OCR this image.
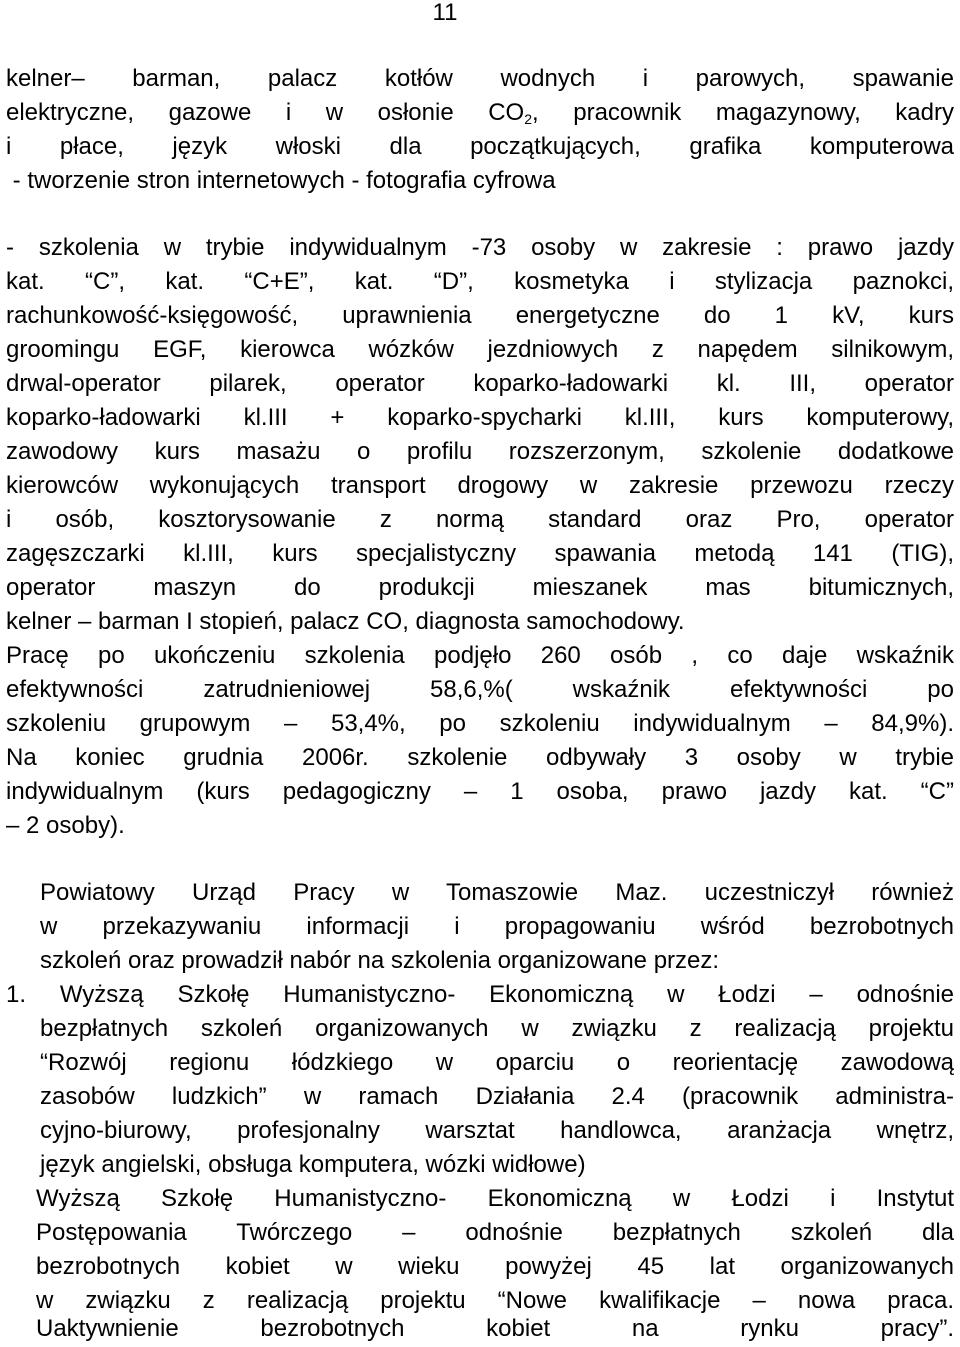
11
kelner– barman, palacz kotłów wodnych i parowych, spawanie
elektryczne, gazowe i w osłonie $CO_2$, pracownik magazynowy, kadry
i płace, język włoski dla początkujących, grafika komputerowa
- tworzenie stron internetowych - fotografia cyfrowa
- szkolenia w trybie indywidualnym -73 osoby w zakresie : prawo jazdy
kat. “C”, kat. “C+E”, kat. “D”, kosmetyka i stylizacja paznokci,
rachunkowość-księgowość, uprawnienia energetyczne do 1 kV, kurs
groomingu EGF, kierowca wózków jezdniowych z napędem silnikowym,
drwal-operator pilarek, operator koparko-ładowarki kl. III, operator
koparko-ładowarki kl.III + koparko-spycharki kl.III, kurs komputerowy,
zawodowy kurs masażu o profilu rozszerzonym, szkolenie dodatkowe
kierowców wykonujących transport drogowy w zakresie przewozu rzeczy
i osób, kosztorysowanie z normą standard oraz Pro, operator
zagęszczarki kl.III, kurs specjalistyczny spawania metodą 141 (TIG),
operator maszyn do produkcji mieszanek mas bitumicznych,
kelner – barman I stopień, palacz CO, diagnosta samochodowy.
Pracę po ukończeniu szkolenia podjęło 260 osób , co daje wskaźnik
efektywności zatrudnieniowej 58,6,%( wskaźnik efektywności po
szkoleniu grupowym – 53,4%, po szkoleniu indywidualnym – 84,9%).
Na koniec grudnia 2006r. szkolenie odbywały 3 osoby w trybie
indywidualnym (kurs pedagogiczny – 1 osoba, prawo jazdy kat. “C”
– 2 osoby).
Powiatowy Urząd Pracy w Tomaszowie Maz. uczestniczył również
w przekazywaniu informacji i propagowaniu wśród bezrobotnych
szkoleń oraz prowadził nabór na szkolenia organizowane przez:
1. Wyższą Szkołę Humanistyczno- Ekonomiczną w Łodzi – odnośnie
bezpłatnych szkoleń organizowanych w związku z realizacją projektu
“Rozwój regionu łódzkiego w oparciu o reorientację zawodową
zasobów ludzkich” w ramach Działania 2.4 (pracownik administra-
cyjno-biurowy, profesjonalny warsztat handlowca, aranżacja wnętrz,
język angielski, obsługa komputera, wózki widłowe)
Wyższą Szkołę Humanistyczno- Ekonomiczną w Łodzi i Instytut
Postępowania Twórczego – odnośnie bezpłatnych szkoleń dla
bezrobotnych kobiet w wieku powyżej 45 lat organizowanych
w związku z realizacją projektu “Nowe kwalifikacje – nowa praca.
Uaktywnienie bezrobotnych kobiet na rynku pracy”.
